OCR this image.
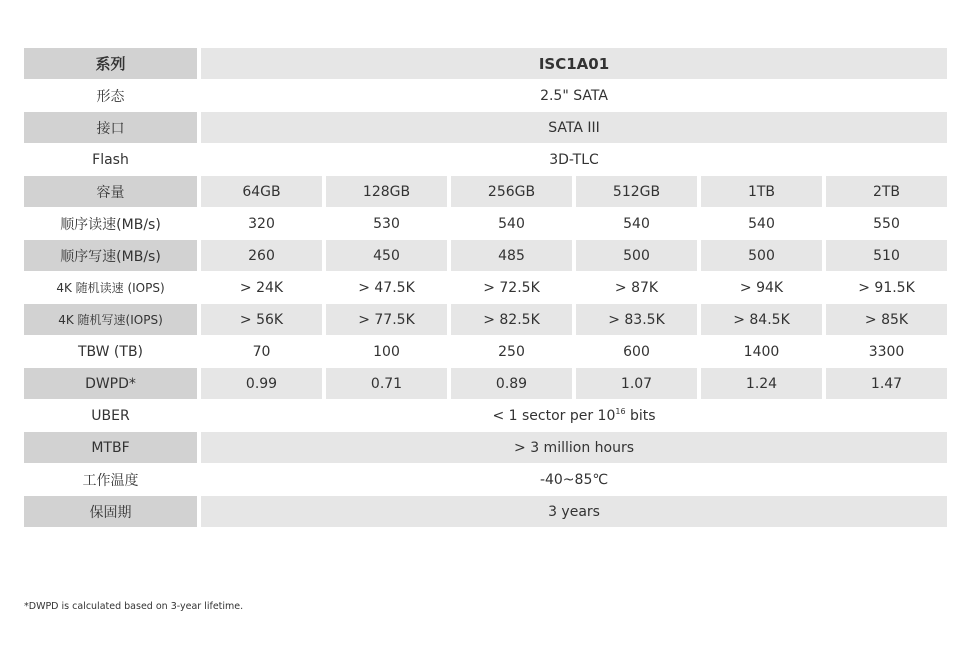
系列		ISC1A01										
形态		2.5" SATA										
接口		SATA III										
Flash		3D-TLC										
容量		64GB		128GB		256GB		512GB		1TB		2TB
顺序读速(MB/s)		320		530		540		540		540		550
顺序写速(MB/s)		260		450		485		500		500		510
4K 随机读速 (IOPS)		> 24K		> 47.5K		> 72.5K		> 87K		> 94K		> 91.5K
4K 随机写速(IOPS)		> 56K		> 77.5K		> 82.5K		> 83.5K		> 84.5K		> 85K
TBW (TB)		70		100		250		600		1400		3300
DWPD*		0.99		0.71		0.89		1.07		1.24		1.47
UBER		< 1 sector per $10^{16}$ bits										
MTBF		> 3 million hours										
工作温度		-40~85℃										
保固期		3 years										
*DWPD is calculated based on 3-year lifetime.
